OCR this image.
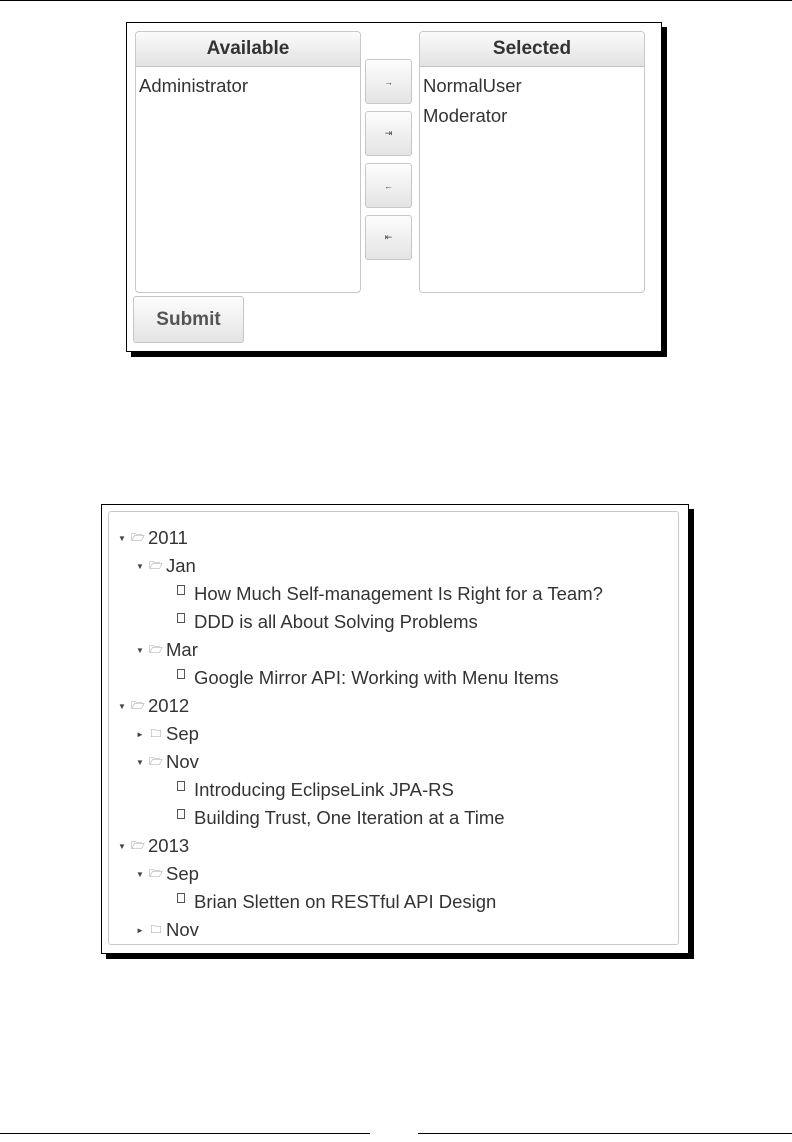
Available
Administrator	→
⇥
←
⇤
Selected
NormalUser
Moderator
Submit
▼ 🗁 2011
▼ 🗁 Jan
How Much Self-management Is Right for a Team?
DDD is all About Solving Problems
▼ 🗁 Mar
Google Mirror API: Working with Menu Items
▼ 🗁 2012
► 🗀 Sep
▼ 🗁 Nov
Introducing EclipseLink JPA-RS
Building Trust, One Iteration at a Time
▼ 🗁 2013
▼ 🗁 Sep
Brian Sletten on RESTful API Design
► 🗀 Nov
